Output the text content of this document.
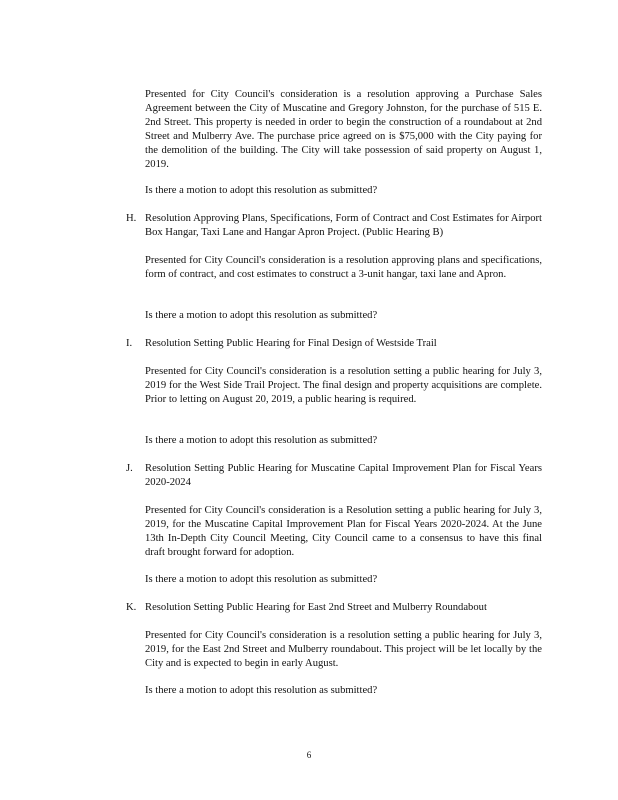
Presented for City Council's consideration is a resolution approving a Purchase Sales Agreement between the City of Muscatine and Gregory Johnston, for the purchase of 515 E. 2nd Street. This property is needed in order to begin the construction of a roundabout at 2nd Street and Mulberry Ave. The purchase price agreed on is $75,000 with the City paying for the demolition of the building. The City will take possession of said property on August 1, 2019.

Is there a motion to adopt this resolution as submitted?

H. Resolution Approving Plans, Specifications, Form of Contract and Cost Estimates for Airport Box Hangar, Taxi Lane and Hangar Apron Project. (Public Hearing B)

Presented for City Council's consideration is a resolution approving plans and specifications, form of contract, and cost estimates to construct a 3-unit hangar, taxi lane and Apron.

Is there a motion to adopt this resolution as submitted?

I. Resolution Setting Public Hearing for Final Design of Westside Trail

Presented for City Council's consideration is a resolution setting a public hearing for July 3, 2019 for the West Side Trail Project. The final design and property acquisitions are complete. Prior to letting on August 20, 2019, a public hearing is required.

Is there a motion to adopt this resolution as submitted?

J. Resolution Setting Public Hearing for Muscatine Capital Improvement Plan for Fiscal Years 2020-2024

Presented for City Council's consideration is a Resolution setting a public hearing for July 3, 2019, for the Muscatine Capital Improvement Plan for Fiscal Years 2020-2024. At the June 13th In-Depth City Council Meeting, City Council came to a consensus to have this final draft brought forward for adoption.

Is there a motion to adopt this resolution as submitted?

K. Resolution Setting Public Hearing for East 2nd Street and Mulberry Roundabout

Presented for City Council's consideration is a resolution setting a public hearing for July 3, 2019, for the East 2nd Street and Mulberry roundabout. This project will be let locally by the City and is expected to begin in early August.

Is there a motion to adopt this resolution as submitted?

6
